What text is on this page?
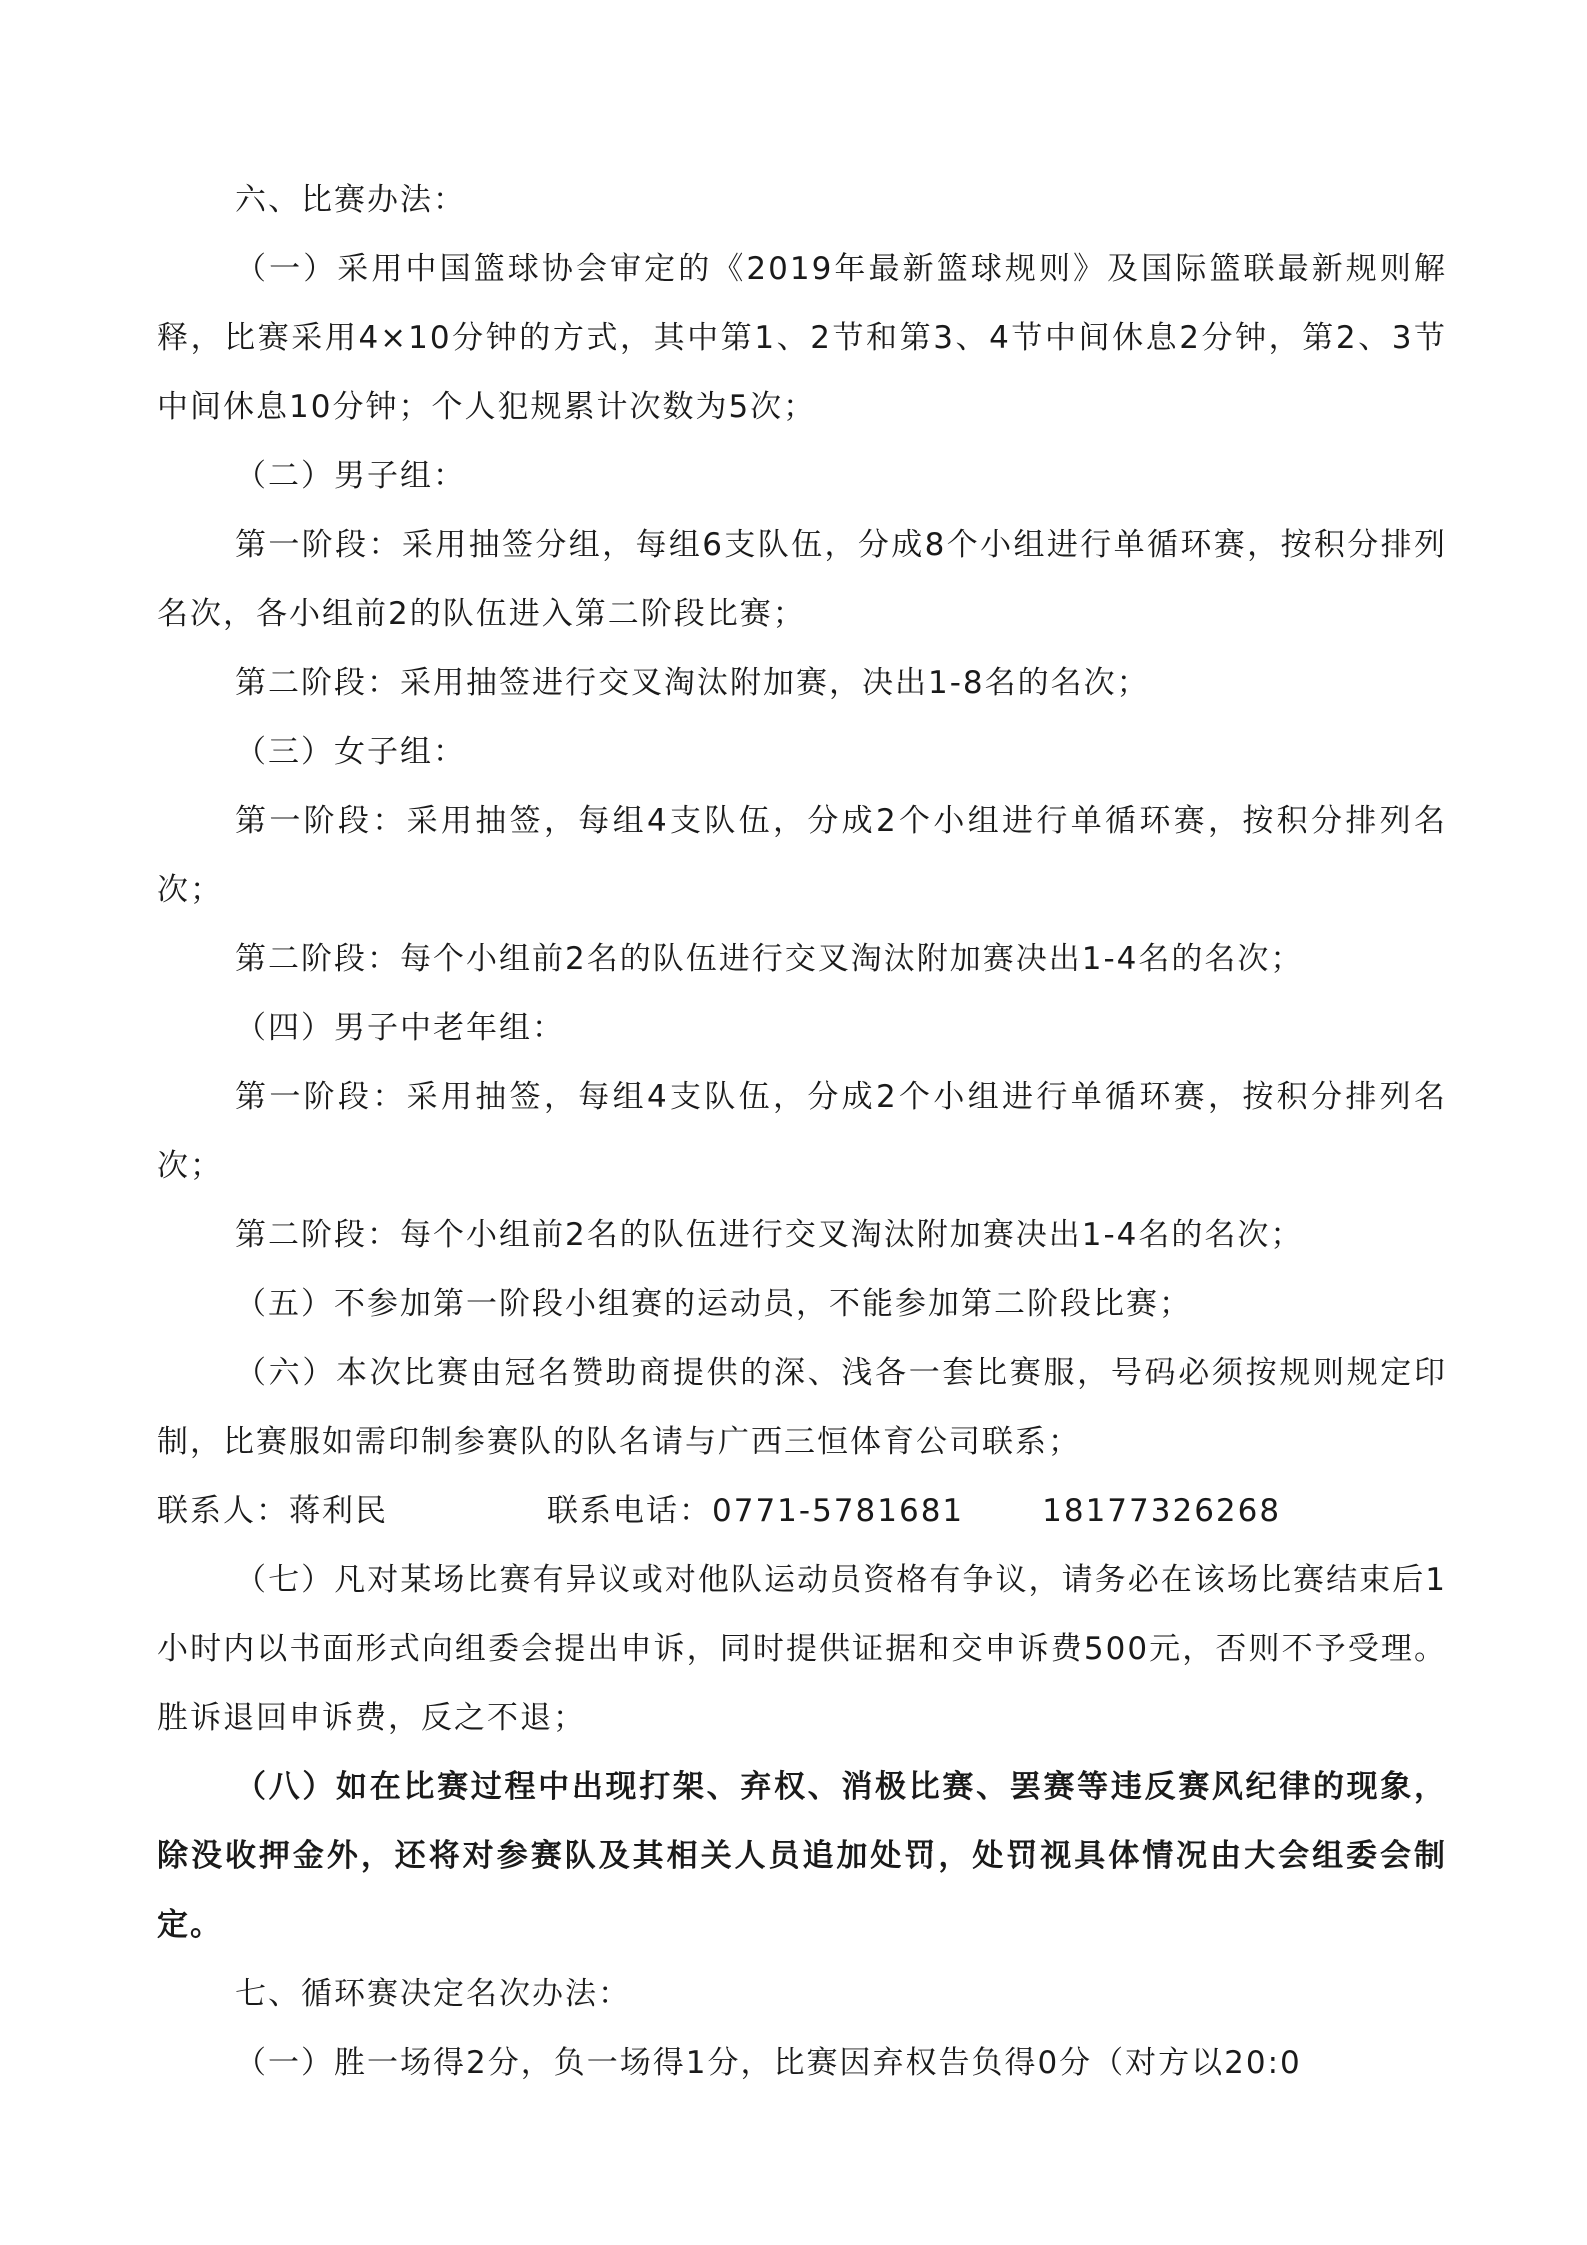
六、比赛办法：

（一）采用中国篮球协会审定的《2019年最新篮球规则》及国际篮联最新规则解释，比赛采用4×10分钟的方式，其中第1、2节和第3、4节中间休息2分钟，第2、3节中间休息10分钟；个人犯规累计次数为5次；

（二）男子组：

第一阶段：采用抽签分组，每组6支队伍，分成8个小组进行单循环赛，按积分排列名次，各小组前2的队伍进入第二阶段比赛；

第二阶段：采用抽签进行交叉淘汰附加赛，决出1-8名的名次；

（三）女子组：

第一阶段：采用抽签，每组4支队伍，分成2个小组进行单循环赛，按积分排列名次；

第二阶段：每个小组前2名的队伍进行交叉淘汰附加赛决出1-4名的名次；

（四）男子中老年组：

第一阶段：采用抽签，每组4支队伍，分成2个小组进行单循环赛，按积分排列名次；

第二阶段：每个小组前2名的队伍进行交叉淘汰附加赛决出1-4名的名次；

（五）不参加第一阶段小组赛的运动员，不能参加第二阶段比赛；

（六）本次比赛由冠名赞助商提供的深、浅各一套比赛服，号码必须按规则规定印制，比赛服如需印制参赛队的队名请与广西三恒体育公司联系；

联系人：蒋利民	联系电话： 0771-5781681	18177326268

（七）凡对某场比赛有异议或对他队运动员资格有争议，请务必在该场比赛结束后1小时内以书面形式向组委会提出申诉，同时提供证据和交申诉费500元，否则不予受理。胜诉退回申诉费，反之不退；

（八）如在比赛过程中出现打架、弃权、消极比赛、罢赛等违反赛风纪律的现象，除没收押金外，还将对参赛队及其相关人员追加处罚，处罚视具体情况由大会组委会制定。

七、循环赛决定名次办法：

（一）胜一场得2分，负一场得1分，比赛因弃权告负得0分（对方以20:0
